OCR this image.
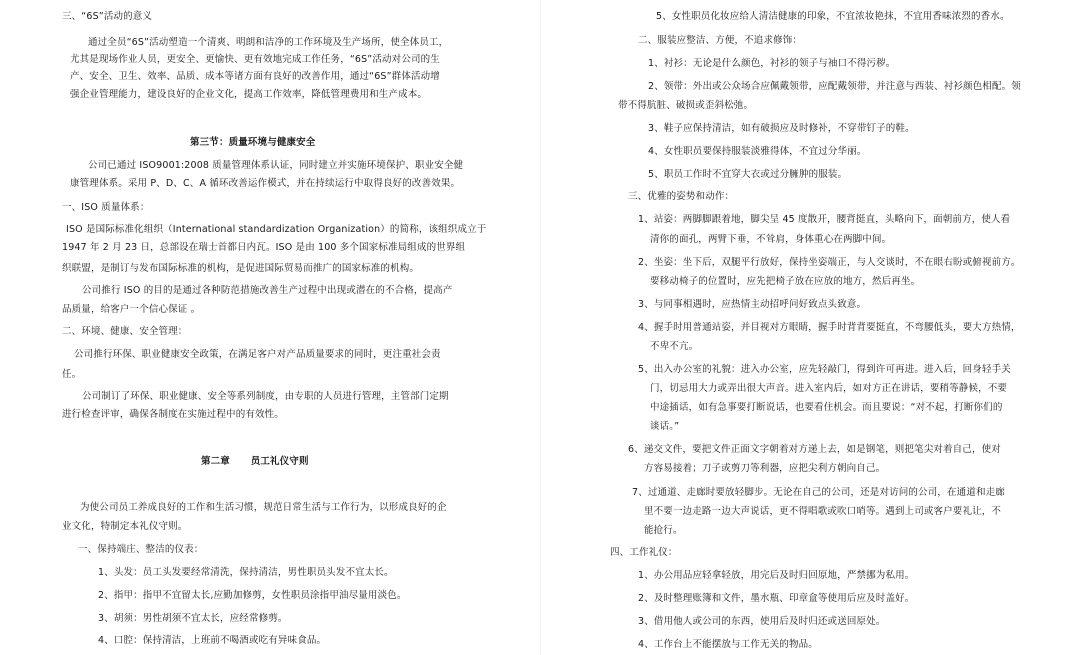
三、“6S”活动的意义
通过全员“6S”活动塑造一个清爽、明朗和洁净的工作环境及生产场所，使全体员工，
尤其是现场作业人员，更安全、更愉快、更有效地完成工作任务，“6S”活动对公司的生
产、安全、卫生、效率、品质、成本等诸方面有良好的改善作用，通过“6S”群体活动增
强企业管理能力，建设良好的企业文化，提高工作效率，降低管理费用和生产成本。
第三节：质量环境与健康安全
公司已通过 ISO9001:2008 质量管理体系认证，同时建立并实施环境保护、职业安全健
康管理体系。采用 P、D、C、A 循环改善运作模式，并在持续运行中取得良好的改善效果。
一、ISO 质量体系：
ISO 是国际标准化组织（International standardization Organization）的简称，该组织成立于
1947 年 2 月 23 日，总部设在瑞士首都日内瓦。ISO 是由 100 多个国家标准局组成的世界组
织联盟，是制订与发布国际标准的机构，是促进国际贸易而推广的国家标准的机构。
公司推行 ISO 的目的是通过各种防范措施改善生产过程中出现或潜在的不合格，提高产
品质量，给客户一个信心保证 。
二、环境、健康、安全管理：
公司推行环保、职业健康安全政策，在满足客户对产品质量要求的同时，更注重社会责
任。
公司制订了环保、职业健康、安全等系列制度，由专职的人员进行管理，主管部门定期
进行检查评审，确保各制度在实施过程中的有效性。
第二章      员工礼仪守则
为使公司员工养成良好的工作和生活习惯，规范日常生活与工作行为，以形成良好的企
业文化，特制定本礼仪守则。
一、保持端庄、整洁的仪表：
1、头发：员工头发要经常清洗，保持清洁，男性职员头发不宜太长。
2、指甲：指甲不宜留太长,应勤加修剪，女性职员涂指甲油尽量用淡色。
3、胡须：男性胡须不宜太长，应经常修剪。
4、口腔：保持清洁，上班前不喝酒或吃有异味食品。
5、女性职员化妆应给人清洁健康的印象，不宜浓妆艳抹，不宜用香味浓烈的香水。
二、服装应整洁、方便，不追求修饰：
1、衬衫：无论是什么颜色，衬衫的领子与袖口不得污秽。
2、领带：外出或公众场合应佩戴领带，应配戴领带，并注意与西装、衬衫颜色相配。领
带不得肮脏、破损或歪斜松弛。
3、鞋子应保持清洁，如有破损应及时修补，不穿带钉子的鞋。
4、女性职员要保持服装淡雅得体，不宜过分华丽。
5、职员工作时不宜穿大衣或过分臃肿的服装。
三、优雅的姿势和动作：
1、站姿：两脚脚跟着地，脚尖呈 45 度散开，腰背挺直，头略向下，面朝前方，使人看
清你的面孔，两臂下垂，不耸肩，身体重心在两脚中间。
2、坐姿：坐下后，双腿平行放好，保持坐姿端正，与人交谈时，不在眼右盼或俯视前方。
要移动椅子的位置时，应先把椅子放在应放的地方，然后再坐。
3、与同事相遇时，应热情主动招呼问好致点头致意。
4、握手时用普通站姿，并目视对方眼睛，握手时背背要挺直，不弯腰低头，要大方热情，
不卑不亢。
5、出入办公室的礼貌：进入办公室，应先轻敲门，得到许可再进。进入后，回身轻手关
门，切忌用大力或弄出很大声音。进入室内后，如对方正在讲话，要稍等静候，不要
中途插话，如有急事要打断说话，也要看住机会。而且要说：“对不起，打断你们的
谈话。”
6、递交文件，要把文件正面文字朝着对方递上去，如是钢笔，则把笔尖对着自己，使对
方容易接着；刀子或剪刀等利器，应把尖利方朝向自己。
7、过通道、走廊时要放轻脚步。无论在自己的公司，还是对访问的公司，在通道和走廊
里不要一边走路一边大声说话，更不得唱歌或吹口哨等。遇到上司或客户要礼让，不
能抢行。
四、工作礼仪：
1、办公用品应轻拿轻放，用完后及时归回原地，严禁挪为私用。
2、及时整理账簿和文件，墨水瓶、印章盒等使用后应及时盖好。
3、借用他人或公司的东西，使用后及时归还或送回原处。
4、工作台上不能摆放与工作无关的物品。
